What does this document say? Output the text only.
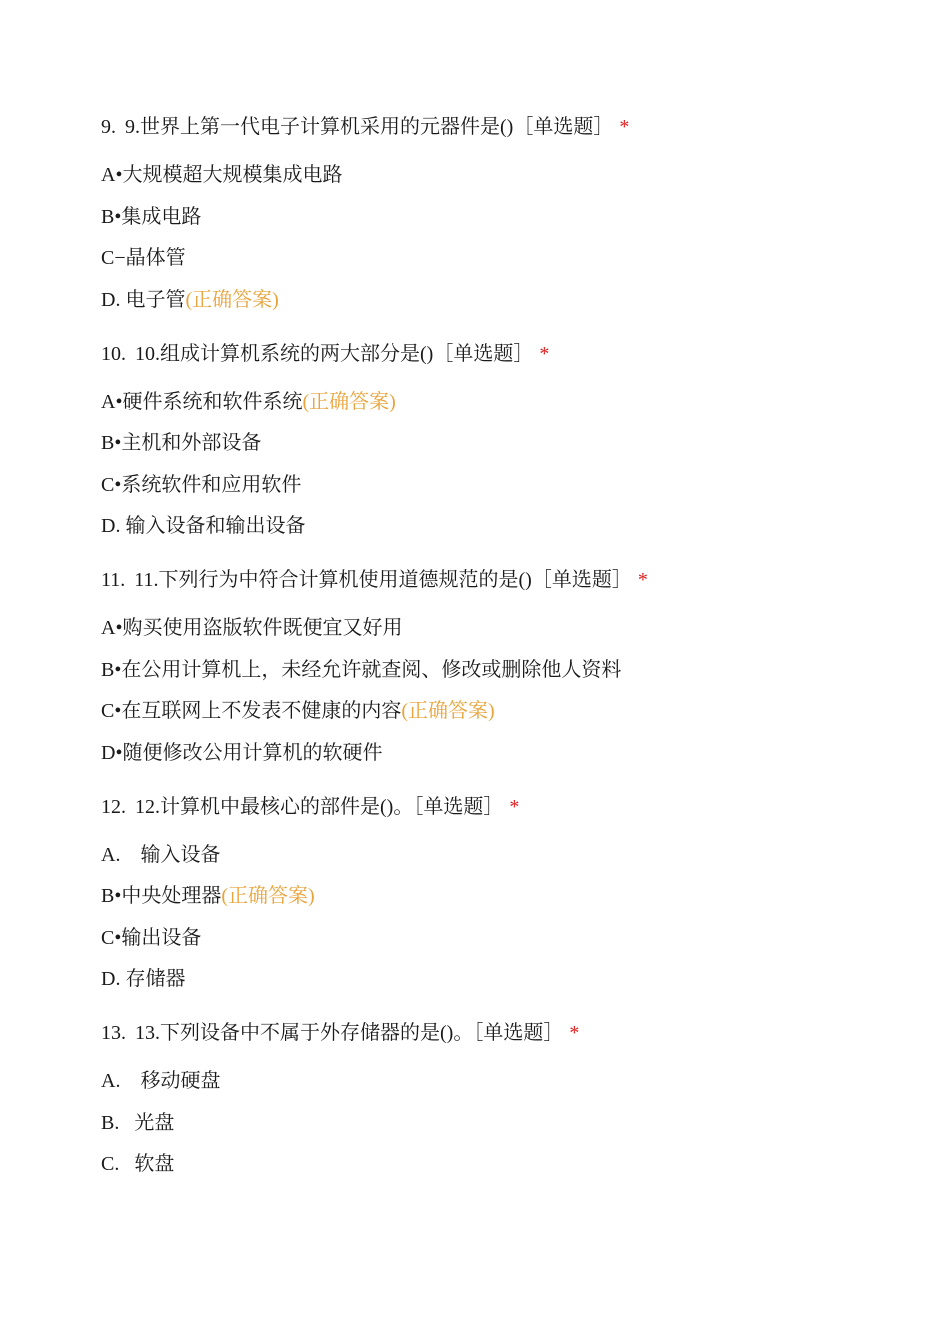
9. 9.世界上第一代电子计算机采用的元器件是()［单选题］ *

A•大规模超大规模集成电路

B•集成电路

C−晶体管

D. 电子管(正确答案)

10. 10.组成计算机系统的两大部分是()［单选题］ *

A•硬件系统和软件系统(正确答案)

B•主机和外部设备

C•系统软件和应用软件

D. 输入设备和输出设备

11. 11.下列行为中符合计算机使用道德规范的是()［单选题］ *

A•购买使用盗版软件既便宜又好用

B•在公用计算机上，未经允许就查阅、修改或删除他人资料

C•在互联网上不发表不健康的内容(正确答案)

D•随便修改公用计算机的软硬件

12. 12.计算机中最核心的部件是()。［单选题］ *

A.    输入设备

B•中央处理器(正确答案)

C•输出设备

D. 存储器

13. 13.下列设备中不属于外存储器的是()。［单选题］ *

A.    移动硬盘

B.   光盘

C.   软盘
